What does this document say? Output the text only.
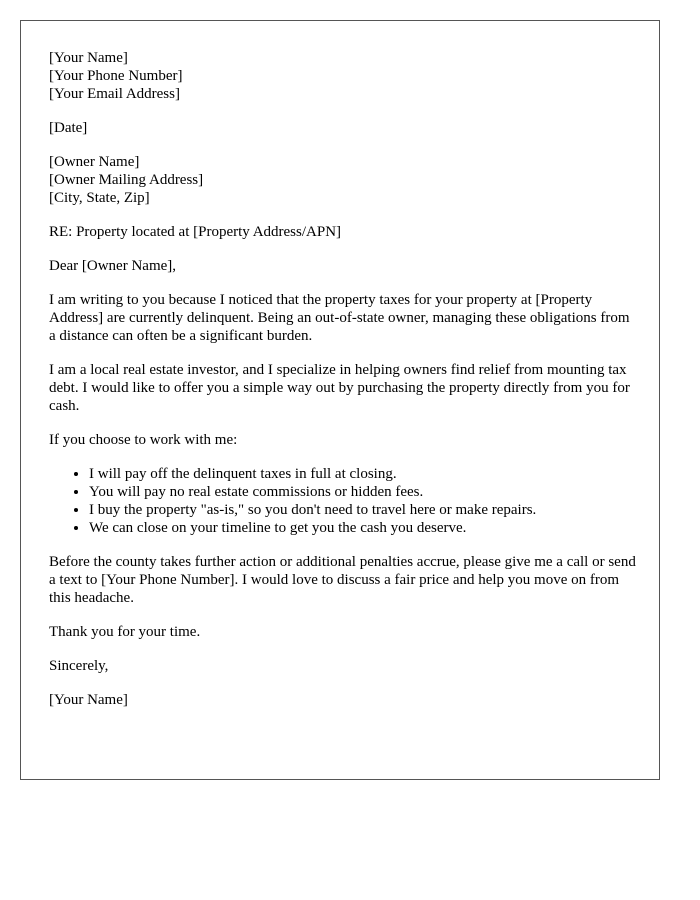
[Your Name]
[Your Phone Number]
[Your Email Address]
[Date]
[Owner Name]
[Owner Mailing Address]
[City, State, Zip]

RE: Property located at [Property Address/APN]

Dear [Owner Name],

I am writing to you because I noticed that the property taxes for your property at [Property Address] are currently delinquent. Being an out-of-state owner, managing these obligations from a distance can often be a significant burden.

I am a local real estate investor, and I specialize in helping owners find relief from mounting tax debt. I would like to offer you a simple way out by purchasing the property directly from you for cash.

If you choose to work with me:

• I will pay off the delinquent taxes in full at closing.
• You will pay no real estate commissions or hidden fees.
• I buy the property "as-is," so you don't need to travel here or make repairs.
• We can close on your timeline to get you the cash you deserve.

Before the county takes further action or additional penalties accrue, please give me a call or send a text to [Your Phone Number]. I would love to discuss a fair price and help you move on from this headache.

Thank you for your time.

Sincerely,

[Your Name]
